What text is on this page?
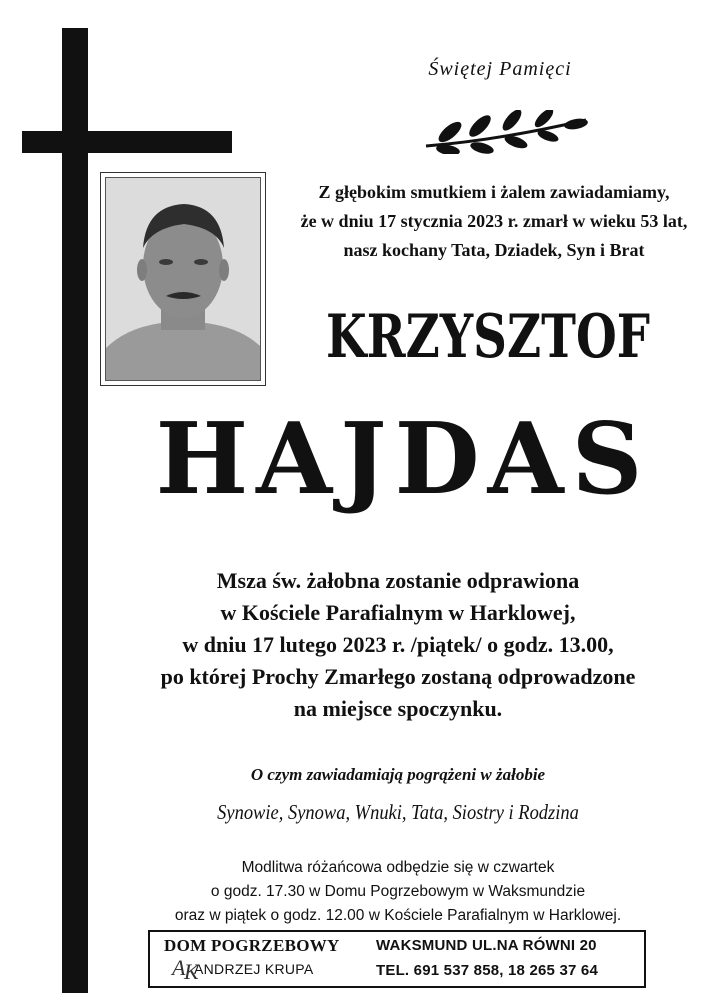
Świętej Pamięci
Z głębokim smutkiem i żalem zawiadamiamy,
że w dniu 17 stycznia 2023 r. zmarł w wieku 53 lat,
nasz kochany Tata, Dziadek, Syn i Brat
KRZYSZTOF
HAJDAS
Msza św. żałobna zostanie odprawiona
w Kościele Parafialnym w Harklowej,
w dniu 17 lutego 2023 r. /piątek/ o godz. 13.00,
po której Prochy Zmarłego zostaną odprowadzone
na miejsce spoczynku.
O czym zawiadamiają pogrążeni w żałobie
Synowie, Synowa, Wnuki, Tata, Siostry i Rodzina
Modlitwa różańcowa odbędzie się w czwartek
o godz. 17.30 w Domu Pogrzebowym w Waksmundzie
oraz w piątek o godz. 12.00 w Kościele Parafialnym w Harklowej.
DOM POGRZEBOWY
A
K
ANDRZEJ KRUPA
WAKSMUND UL.NA RÓWNI 20
TEL. 691 537 858, 18 265 37 64
